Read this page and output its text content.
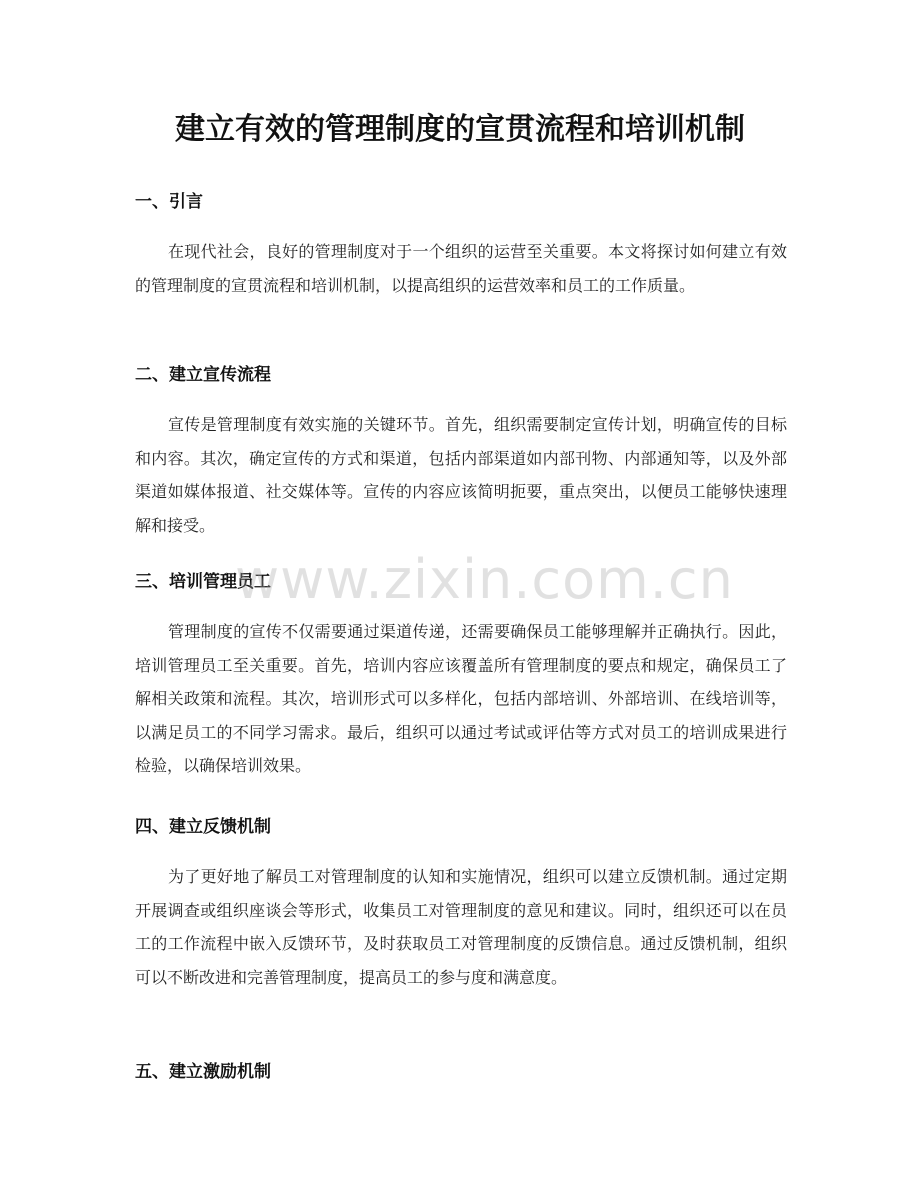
建立有效的管理制度的宣贯流程和培训机制
一、引言

在现代社会，良好的管理制度对于一个组织的运营至关重要。本文将探讨如何建立有效的管理制度的宣贯流程和培训机制，以提高组织的运营效率和员工的工作质量。

二、建立宣传流程

宣传是管理制度有效实施的关键环节。首先，组织需要制定宣传计划，明确宣传的目标和内容。其次，确定宣传的方式和渠道，包括内部渠道如内部刊物、内部通知等，以及外部渠道如媒体报道、社交媒体等。宣传的内容应该简明扼要，重点突出，以便员工能够快速理解和接受。

三、培训管理员工

管理制度的宣传不仅需要通过渠道传递，还需要确保员工能够理解并正确执行。因此，培训管理员工至关重要。首先，培训内容应该覆盖所有管理制度的要点和规定，确保员工了解相关政策和流程。其次，培训形式可以多样化，包括内部培训、外部培训、在线培训等，以满足员工的不同学习需求。最后，组织可以通过考试或评估等方式对员工的培训成果进行检验，以确保培训效果。

四、建立反馈机制

为了更好地了解员工对管理制度的认知和实施情况，组织可以建立反馈机制。通过定期开展调查或组织座谈会等形式，收集员工对管理制度的意见和建议。同时，组织还可以在员工的工作流程中嵌入反馈环节，及时获取员工对管理制度的反馈信息。通过反馈机制，组织可以不断改进和完善管理制度，提高员工的参与度和满意度。

五、建立激励机制
www.zixin.com.cn
